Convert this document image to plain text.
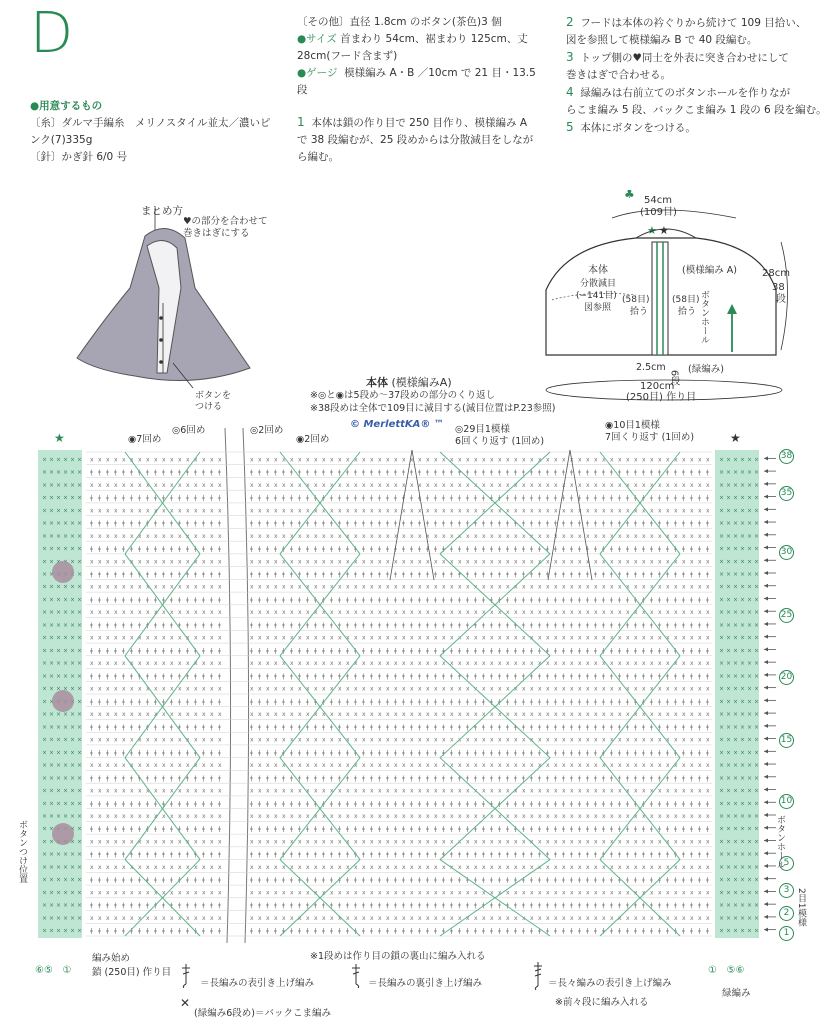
D
●用意するもの
〔糸〕ダルマ手編糸　メリノスタイル並太／濃いピ
ンク(7)335g
〔針〕かぎ針 6/0 号
〔その他〕直径 1.8cm のボタン(茶色)3 個
●サイズ 首まわり 54cm、裾まわり 125cm、丈
28cm(フード含まず)
●ゲージ 模様編み A・B ／10cm で 21 目・13.5
段
1 本体は鎖の作り目で 250 目作り、模様編み A
で 38 段編むが、25 段めからは分散減目をしなが
ら編む。
2 フードは本体の衿ぐりから続けて 109 目拾い、
図を参照して模様編み B で 40 段編む。
3 トップ側の♥同士を外表に突き合わせにして
巻きはぎで合わせる。
4 緑編みは右前立てのボタンホールを作りなが
らこま編み 5 段、バックこま編み 1 段の 6 段を編む。
5 本体にボタンをつける。
まとめ方
♥の部分を合わせて
巻きはぎにする
ボタンを
つける
♣ 54cm
(109目)
★ ★
本体
分散減目
(−141目)
図参照
(模様編み A)
(58目)
拾う
(58目)
拾う ボタンホール
28cm
38
段
2.5cm
6段
(緑編み)
120cm
(250目) 作り目
本体 (模様編みA)
※◎と◉は5段め〜37段めの部分のくり返し
※38段めは全体で109目に減目する(減目位置はP.23参照)
© MerlettKA® ™
◉7回め
◎6回め	◎2回め
◉2回め
◎29目1模様
6回くり返す (1回め)
◉10目1模様
7回くり返す (1回め)
★	★
ⅹ ⅹ ⅹ ⅹ ⅹ ⅹ ⅹ ⅹ ⅹ ⅹ ⅹ ⅹ ⅹ ⅹ ⅹ ⅹ ⅹ	ⅹ ⅹ ⅹ ⅹ ⅹ ⅹ ⅹ ⅹ ⅹ ⅹ ⅹ ⅹ ⅹ ⅹ ⅹ ⅹ ⅹ ⅹ ⅹ ⅹ ⅹ ⅹ ⅹ ⅹ ⅹ ⅹ ⅹ ⅹ ⅹ ⅹ ⅹ ⅹ ⅹ ⅹ ⅹ ⅹ ⅹ ⅹ ⅹ ⅹ ⅹ ⅹ ⅹ ⅹ ⅹ ⅹ ⅹ ⅹ ⅹ ⅹ ⅹ ⅹ ⅹ ⅹ ⅹ ⅹ ⅹ ⅹ
ǂ ǂ ǂ ǂ ǂ ǂ ǂ ǂ ǂ ǂ ǂ ǂ ǂ ǂ ǂ ǂ ǂ	ǂ ǂ ǂ ǂ ǂ ǂ ǂ ǂ ǂ ǂ ǂ ǂ ǂ ǂ ǂ ǂ ǂ ǂ ǂ ǂ ǂ ǂ ǂ ǂ ǂ ǂ ǂ ǂ ǂ ǂ ǂ ǂ ǂ ǂ ǂ ǂ ǂ ǂ ǂ ǂ ǂ ǂ ǂ ǂ ǂ ǂ ǂ ǂ ǂ ǂ ǂ ǂ ǂ ǂ ǂ ǂ ǂ ǂ
ⅹ ⅹ ⅹ ⅹ ⅹ ⅹ ⅹ ⅹ ⅹ ⅹ ⅹ ⅹ ⅹ ⅹ ⅹ ⅹ ⅹ	ⅹ ⅹ ⅹ ⅹ ⅹ ⅹ ⅹ ⅹ ⅹ ⅹ ⅹ ⅹ ⅹ ⅹ ⅹ ⅹ ⅹ ⅹ ⅹ ⅹ ⅹ ⅹ ⅹ ⅹ ⅹ ⅹ ⅹ ⅹ ⅹ ⅹ ⅹ ⅹ ⅹ ⅹ ⅹ ⅹ ⅹ ⅹ ⅹ ⅹ ⅹ ⅹ ⅹ ⅹ ⅹ ⅹ ⅹ ⅹ ⅹ ⅹ ⅹ ⅹ ⅹ ⅹ ⅹ ⅹ ⅹ
ǂ ǂ ǂ ǂ ǂ ǂ ǂ ǂ ǂ ǂ ǂ ǂ ǂ ǂ ǂ ǂ ǂ	ǂ ǂ ǂ ǂ ǂ ǂ ǂ ǂ ǂ ǂ ǂ ǂ ǂ ǂ ǂ ǂ ǂ ǂ ǂ ǂ ǂ ǂ ǂ ǂ ǂ ǂ ǂ ǂ ǂ ǂ ǂ ǂ ǂ ǂ ǂ ǂ ǂ ǂ ǂ ǂ ǂ ǂ ǂ ǂ ǂ ǂ ǂ ǂ ǂ ǂ ǂ ǂ ǂ ǂ ǂ ǂ
ⅹ ⅹ ⅹ ⅹ ⅹ ⅹ ⅹ ⅹ ⅹ ⅹ ⅹ ⅹ ⅹ ⅹ ⅹ ⅹ ⅹ	ⅹ ⅹ ⅹ ⅹ ⅹ ⅹ ⅹ ⅹ ⅹ ⅹ ⅹ ⅹ ⅹ ⅹ ⅹ ⅹ ⅹ ⅹ ⅹ ⅹ ⅹ ⅹ ⅹ ⅹ ⅹ ⅹ ⅹ ⅹ ⅹ ⅹ ⅹ ⅹ ⅹ ⅹ ⅹ ⅹ ⅹ ⅹ ⅹ ⅹ ⅹ ⅹ ⅹ ⅹ ⅹ ⅹ ⅹ ⅹ ⅹ ⅹ ⅹ ⅹ ⅹ ⅹ ⅹ ⅹ ⅹ ⅹ
ǂ ǂ ǂ ǂ ǂ ǂ ǂ ǂ ǂ ǂ ǂ ǂ ǂ ǂ ǂ ǂ	ǂ ǂ ǂ ǂ ǂ ǂ ǂ ǂ ǂ ǂ ǂ ǂ ǂ ǂ ǂ ǂ ǂ ǂ ǂ ǂ ǂ ǂ ǂ ǂ ǂ ǂ ǂ ǂ ǂ ǂ ǂ ǂ ǂ ǂ ǂ ǂ ǂ ǂ ǂ ǂ ǂ ǂ ǂ ǂ ǂ ǂ ǂ ǂ ǂ ǂ ǂ ǂ ǂ ǂ ǂ ǂ ǂ ǂ
ⅹ ⅹ ⅹ ⅹ ⅹ ⅹ ⅹ ⅹ ⅹ ⅹ ⅹ ⅹ ⅹ ⅹ ⅹ ⅹ ⅹ	ⅹ ⅹ ⅹ ⅹ ⅹ ⅹ ⅹ ⅹ ⅹ ⅹ ⅹ ⅹ ⅹ ⅹ ⅹ ⅹ ⅹ ⅹ ⅹ ⅹ ⅹ ⅹ ⅹ ⅹ ⅹ ⅹ ⅹ ⅹ ⅹ ⅹ ⅹ ⅹ ⅹ ⅹ ⅹ ⅹ ⅹ ⅹ ⅹ ⅹ ⅹ ⅹ ⅹ ⅹ ⅹ ⅹ ⅹ ⅹ ⅹ ⅹ ⅹ ⅹ ⅹ ⅹ ⅹ ⅹ ⅹ ⅹ
ǂ ǂ ǂ ǂ ǂ ǂ ǂ ǂ ǂ ǂ ǂ ǂ ǂ ǂ ǂ ǂ ǂ	ǂ ǂ ǂ ǂ ǂ ǂ ǂ ǂ ǂ ǂ ǂ ǂ ǂ ǂ ǂ ǂ ǂ ǂ ǂ ǂ ǂ ǂ ǂ ǂ ǂ ǂ ǂ ǂ ǂ ǂ ǂ ǂ ǂ ǂ ǂ ǂ ǂ ǂ ǂ ǂ ǂ ǂ ǂ ǂ ǂ ǂ ǂ ǂ ǂ ǂ ǂ ǂ ǂ ǂ ǂ ǂ
ⅹ ⅹ ⅹ ⅹ ⅹ ⅹ ⅹ ⅹ ⅹ ⅹ ⅹ ⅹ ⅹ ⅹ ⅹ ⅹ ⅹ	ⅹ ⅹ ⅹ ⅹ ⅹ ⅹ ⅹ ⅹ ⅹ ⅹ ⅹ ⅹ ⅹ ⅹ ⅹ ⅹ ⅹ ⅹ ⅹ ⅹ ⅹ ⅹ ⅹ ⅹ ⅹ ⅹ ⅹ ⅹ ⅹ ⅹ ⅹ ⅹ ⅹ ⅹ ⅹ ⅹ ⅹ ⅹ ⅹ ⅹ ⅹ ⅹ ⅹ ⅹ ⅹ ⅹ ⅹ ⅹ ⅹ ⅹ ⅹ ⅹ ⅹ ⅹ ⅹ ⅹ ⅹ ⅹ
ǂ ǂ ǂ ǂ ǂ ǂ ǂ ǂ ǂ ǂ ǂ ǂ ǂ ǂ ǂ ǂ ǂ	ǂ ǂ ǂ ǂ ǂ ǂ ǂ ǂ ǂ ǂ ǂ ǂ ǂ ǂ ǂ ǂ ǂ ǂ ǂ ǂ ǂ ǂ ǂ ǂ ǂ ǂ ǂ ǂ ǂ ǂ ǂ ǂ ǂ ǂ ǂ ǂ ǂ ǂ ǂ ǂ ǂ ǂ ǂ ǂ ǂ ǂ ǂ ǂ ǂ ǂ ǂ ǂ ǂ ǂ ǂ ǂ ǂ ǂ
ⅹ ⅹ ⅹ ⅹ ⅹ ⅹ ⅹ ⅹ ⅹ ⅹ ⅹ ⅹ ⅹ ⅹ ⅹ ⅹ ⅹ	ⅹ ⅹ ⅹ ⅹ ⅹ ⅹ ⅹ ⅹ ⅹ ⅹ ⅹ ⅹ ⅹ ⅹ ⅹ ⅹ ⅹ ⅹ ⅹ ⅹ ⅹ ⅹ ⅹ ⅹ ⅹ ⅹ ⅹ ⅹ ⅹ ⅹ ⅹ ⅹ ⅹ ⅹ ⅹ ⅹ ⅹ ⅹ ⅹ ⅹ ⅹ ⅹ ⅹ ⅹ ⅹ ⅹ ⅹ ⅹ ⅹ ⅹ ⅹ ⅹ ⅹ ⅹ ⅹ ⅹ ⅹ
ǂ ǂ ǂ ǂ ǂ ǂ ǂ ǂ ǂ ǂ ǂ ǂ ǂ ǂ ǂ ǂ ǂ	ǂ ǂ ǂ ǂ ǂ ǂ ǂ ǂ ǂ ǂ ǂ ǂ ǂ ǂ ǂ ǂ ǂ ǂ ǂ ǂ ǂ ǂ ǂ ǂ ǂ ǂ ǂ ǂ ǂ ǂ ǂ ǂ ǂ ǂ ǂ ǂ ǂ ǂ ǂ ǂ ǂ ǂ ǂ ǂ ǂ ǂ ǂ ǂ ǂ ǂ ǂ ǂ ǂ ǂ ǂ ǂ
ⅹ ⅹ ⅹ ⅹ ⅹ ⅹ ⅹ ⅹ ⅹ ⅹ ⅹ ⅹ ⅹ ⅹ ⅹ ⅹ ⅹ	ⅹ ⅹ ⅹ ⅹ ⅹ ⅹ ⅹ ⅹ ⅹ ⅹ ⅹ ⅹ ⅹ ⅹ ⅹ ⅹ ⅹ ⅹ ⅹ ⅹ ⅹ ⅹ ⅹ ⅹ ⅹ ⅹ ⅹ ⅹ ⅹ ⅹ ⅹ ⅹ ⅹ ⅹ ⅹ ⅹ ⅹ ⅹ ⅹ ⅹ ⅹ ⅹ ⅹ ⅹ ⅹ ⅹ ⅹ ⅹ ⅹ ⅹ ⅹ ⅹ ⅹ ⅹ ⅹ ⅹ ⅹ ⅹ
ǂ ǂ ǂ ǂ ǂ ǂ ǂ ǂ ǂ ǂ ǂ ǂ ǂ ǂ ǂ ǂ	ǂ ǂ ǂ ǂ ǂ ǂ ǂ ǂ ǂ ǂ ǂ ǂ ǂ ǂ ǂ ǂ ǂ ǂ ǂ ǂ ǂ ǂ ǂ ǂ ǂ ǂ ǂ ǂ ǂ ǂ ǂ ǂ ǂ ǂ ǂ ǂ ǂ ǂ ǂ ǂ ǂ ǂ ǂ ǂ ǂ ǂ ǂ ǂ ǂ ǂ ǂ ǂ ǂ ǂ ǂ ǂ ǂ ǂ
ⅹ ⅹ ⅹ ⅹ ⅹ ⅹ ⅹ ⅹ ⅹ ⅹ ⅹ ⅹ ⅹ ⅹ ⅹ ⅹ ⅹ	ⅹ ⅹ ⅹ ⅹ ⅹ ⅹ ⅹ ⅹ ⅹ ⅹ ⅹ ⅹ ⅹ ⅹ ⅹ ⅹ ⅹ ⅹ ⅹ ⅹ ⅹ ⅹ ⅹ ⅹ ⅹ ⅹ ⅹ ⅹ ⅹ ⅹ ⅹ ⅹ ⅹ ⅹ ⅹ ⅹ ⅹ ⅹ ⅹ ⅹ ⅹ ⅹ ⅹ ⅹ ⅹ ⅹ ⅹ ⅹ ⅹ ⅹ ⅹ ⅹ ⅹ ⅹ ⅹ ⅹ ⅹ ⅹ
ǂ ǂ ǂ ǂ ǂ ǂ ǂ ǂ ǂ ǂ ǂ ǂ ǂ ǂ ǂ ǂ ǂ	ǂ ǂ ǂ ǂ ǂ ǂ ǂ ǂ ǂ ǂ ǂ ǂ ǂ ǂ ǂ ǂ ǂ ǂ ǂ ǂ ǂ ǂ ǂ ǂ ǂ ǂ ǂ ǂ ǂ ǂ ǂ ǂ ǂ ǂ ǂ ǂ ǂ ǂ ǂ ǂ ǂ ǂ ǂ ǂ ǂ ǂ ǂ ǂ ǂ ǂ ǂ ǂ ǂ ǂ ǂ ǂ
ⅹ ⅹ ⅹ ⅹ ⅹ ⅹ ⅹ ⅹ ⅹ ⅹ ⅹ ⅹ ⅹ ⅹ ⅹ ⅹ ⅹ	ⅹ ⅹ ⅹ ⅹ ⅹ ⅹ ⅹ ⅹ ⅹ ⅹ ⅹ ⅹ ⅹ ⅹ ⅹ ⅹ ⅹ ⅹ ⅹ ⅹ ⅹ ⅹ ⅹ ⅹ ⅹ ⅹ ⅹ ⅹ ⅹ ⅹ ⅹ ⅹ ⅹ ⅹ ⅹ ⅹ ⅹ ⅹ ⅹ ⅹ ⅹ ⅹ ⅹ ⅹ ⅹ ⅹ ⅹ ⅹ ⅹ ⅹ ⅹ ⅹ ⅹ ⅹ ⅹ ⅹ ⅹ ⅹ
ǂ ǂ ǂ ǂ ǂ ǂ ǂ ǂ ǂ ǂ ǂ ǂ ǂ ǂ ǂ ǂ ǂ	ǂ ǂ ǂ ǂ ǂ ǂ ǂ ǂ ǂ ǂ ǂ ǂ ǂ ǂ ǂ ǂ ǂ ǂ ǂ ǂ ǂ ǂ ǂ ǂ ǂ ǂ ǂ ǂ ǂ ǂ ǂ ǂ ǂ ǂ ǂ ǂ ǂ ǂ ǂ ǂ ǂ ǂ ǂ ǂ ǂ ǂ ǂ ǂ ǂ ǂ ǂ ǂ ǂ ǂ ǂ ǂ ǂ ǂ
ⅹ ⅹ ⅹ ⅹ ⅹ ⅹ ⅹ ⅹ ⅹ ⅹ ⅹ ⅹ ⅹ ⅹ ⅹ ⅹ ⅹ	ⅹ ⅹ ⅹ ⅹ ⅹ ⅹ ⅹ ⅹ ⅹ ⅹ ⅹ ⅹ ⅹ ⅹ ⅹ ⅹ ⅹ ⅹ ⅹ ⅹ ⅹ ⅹ ⅹ ⅹ ⅹ ⅹ ⅹ ⅹ ⅹ ⅹ ⅹ ⅹ ⅹ ⅹ ⅹ ⅹ ⅹ ⅹ ⅹ ⅹ ⅹ ⅹ ⅹ ⅹ ⅹ ⅹ ⅹ ⅹ ⅹ ⅹ ⅹ ⅹ ⅹ ⅹ ⅹ ⅹ ⅹ
ǂ ǂ ǂ ǂ ǂ ǂ ǂ ǂ ǂ ǂ ǂ ǂ ǂ ǂ ǂ ǂ ǂ	ǂ ǂ ǂ ǂ ǂ ǂ ǂ ǂ ǂ ǂ ǂ ǂ ǂ ǂ ǂ ǂ ǂ ǂ ǂ ǂ ǂ ǂ ǂ ǂ ǂ ǂ ǂ ǂ ǂ ǂ ǂ ǂ ǂ ǂ ǂ ǂ ǂ ǂ ǂ ǂ ǂ ǂ ǂ ǂ ǂ ǂ ǂ ǂ ǂ ǂ ǂ ǂ ǂ ǂ ǂ ǂ
ⅹ ⅹ ⅹ ⅹ ⅹ ⅹ ⅹ ⅹ ⅹ ⅹ ⅹ ⅹ ⅹ ⅹ ⅹ ⅹ ⅹ	ⅹ ⅹ ⅹ ⅹ ⅹ ⅹ ⅹ ⅹ ⅹ ⅹ ⅹ ⅹ ⅹ ⅹ ⅹ ⅹ ⅹ ⅹ ⅹ ⅹ ⅹ ⅹ ⅹ ⅹ ⅹ ⅹ ⅹ ⅹ ⅹ ⅹ ⅹ ⅹ ⅹ ⅹ ⅹ ⅹ ⅹ ⅹ ⅹ ⅹ ⅹ ⅹ ⅹ ⅹ ⅹ ⅹ ⅹ ⅹ ⅹ ⅹ ⅹ ⅹ ⅹ ⅹ ⅹ ⅹ ⅹ ⅹ
ǂ ǂ ǂ ǂ ǂ ǂ ǂ ǂ ǂ ǂ ǂ ǂ ǂ ǂ ǂ ǂ	ǂ ǂ ǂ ǂ ǂ ǂ ǂ ǂ ǂ ǂ ǂ ǂ ǂ ǂ ǂ ǂ ǂ ǂ ǂ ǂ ǂ ǂ ǂ ǂ ǂ ǂ ǂ ǂ ǂ ǂ ǂ ǂ ǂ ǂ ǂ ǂ ǂ ǂ ǂ ǂ ǂ ǂ ǂ ǂ ǂ ǂ ǂ ǂ ǂ ǂ ǂ ǂ ǂ ǂ ǂ ǂ ǂ ǂ
ⅹ ⅹ ⅹ ⅹ ⅹ ⅹ ⅹ ⅹ ⅹ ⅹ ⅹ ⅹ ⅹ ⅹ ⅹ ⅹ ⅹ	ⅹ ⅹ ⅹ ⅹ ⅹ ⅹ ⅹ ⅹ ⅹ ⅹ ⅹ ⅹ ⅹ ⅹ ⅹ ⅹ ⅹ ⅹ ⅹ ⅹ ⅹ ⅹ ⅹ ⅹ ⅹ ⅹ ⅹ ⅹ ⅹ ⅹ ⅹ ⅹ ⅹ ⅹ ⅹ ⅹ ⅹ ⅹ ⅹ ⅹ ⅹ ⅹ ⅹ ⅹ ⅹ ⅹ ⅹ ⅹ ⅹ ⅹ ⅹ ⅹ ⅹ ⅹ ⅹ ⅹ ⅹ ⅹ
ǂ ǂ ǂ ǂ ǂ ǂ ǂ ǂ ǂ ǂ ǂ ǂ ǂ ǂ ǂ ǂ ǂ	ǂ ǂ ǂ ǂ ǂ ǂ ǂ ǂ ǂ ǂ ǂ ǂ ǂ ǂ ǂ ǂ ǂ ǂ ǂ ǂ ǂ ǂ ǂ ǂ ǂ ǂ ǂ ǂ ǂ ǂ ǂ ǂ ǂ ǂ ǂ ǂ ǂ ǂ ǂ ǂ ǂ ǂ ǂ ǂ ǂ ǂ ǂ ǂ ǂ ǂ ǂ ǂ ǂ ǂ ǂ ǂ
ⅹ ⅹ ⅹ ⅹ ⅹ ⅹ ⅹ ⅹ ⅹ ⅹ ⅹ ⅹ ⅹ ⅹ ⅹ ⅹ ⅹ	ⅹ ⅹ ⅹ ⅹ ⅹ ⅹ ⅹ ⅹ ⅹ ⅹ ⅹ ⅹ ⅹ ⅹ ⅹ ⅹ ⅹ ⅹ ⅹ ⅹ ⅹ ⅹ ⅹ ⅹ ⅹ ⅹ ⅹ ⅹ ⅹ ⅹ ⅹ ⅹ ⅹ ⅹ ⅹ ⅹ ⅹ ⅹ ⅹ ⅹ ⅹ ⅹ ⅹ ⅹ ⅹ ⅹ ⅹ ⅹ ⅹ ⅹ ⅹ ⅹ ⅹ ⅹ ⅹ ⅹ ⅹ ⅹ
ǂ ǂ ǂ ǂ ǂ ǂ ǂ ǂ ǂ ǂ ǂ ǂ ǂ ǂ ǂ ǂ ǂ	ǂ ǂ ǂ ǂ ǂ ǂ ǂ ǂ ǂ ǂ ǂ ǂ ǂ ǂ ǂ ǂ ǂ ǂ ǂ ǂ ǂ ǂ ǂ ǂ ǂ ǂ ǂ ǂ ǂ ǂ ǂ ǂ ǂ ǂ ǂ ǂ ǂ ǂ ǂ ǂ ǂ ǂ ǂ ǂ ǂ ǂ ǂ ǂ ǂ ǂ ǂ ǂ ǂ ǂ ǂ ǂ ǂ ǂ
ⅹ ⅹ ⅹ ⅹ ⅹ ⅹ ⅹ ⅹ ⅹ ⅹ ⅹ ⅹ ⅹ ⅹ ⅹ ⅹ ⅹ	ⅹ ⅹ ⅹ ⅹ ⅹ ⅹ ⅹ ⅹ ⅹ ⅹ ⅹ ⅹ ⅹ ⅹ ⅹ ⅹ ⅹ ⅹ ⅹ ⅹ ⅹ ⅹ ⅹ ⅹ ⅹ ⅹ ⅹ ⅹ ⅹ ⅹ ⅹ ⅹ ⅹ ⅹ ⅹ ⅹ ⅹ ⅹ ⅹ ⅹ ⅹ ⅹ ⅹ ⅹ ⅹ ⅹ ⅹ ⅹ ⅹ ⅹ ⅹ ⅹ ⅹ ⅹ ⅹ ⅹ ⅹ
ǂ ǂ ǂ ǂ ǂ ǂ ǂ ǂ ǂ ǂ ǂ ǂ ǂ ǂ ǂ ǂ ǂ	ǂ ǂ ǂ ǂ ǂ ǂ ǂ ǂ ǂ ǂ ǂ ǂ ǂ ǂ ǂ ǂ ǂ ǂ ǂ ǂ ǂ ǂ ǂ ǂ ǂ ǂ ǂ ǂ ǂ ǂ ǂ ǂ ǂ ǂ ǂ ǂ ǂ ǂ ǂ ǂ ǂ ǂ ǂ ǂ ǂ ǂ ǂ ǂ ǂ ǂ ǂ ǂ ǂ ǂ ǂ ǂ
ⅹ ⅹ ⅹ ⅹ ⅹ ⅹ ⅹ ⅹ ⅹ ⅹ ⅹ ⅹ ⅹ ⅹ ⅹ ⅹ ⅹ	ⅹ ⅹ ⅹ ⅹ ⅹ ⅹ ⅹ ⅹ ⅹ ⅹ ⅹ ⅹ ⅹ ⅹ ⅹ ⅹ ⅹ ⅹ ⅹ ⅹ ⅹ ⅹ ⅹ ⅹ ⅹ ⅹ ⅹ ⅹ ⅹ ⅹ ⅹ ⅹ ⅹ ⅹ ⅹ ⅹ ⅹ ⅹ ⅹ ⅹ ⅹ ⅹ ⅹ ⅹ ⅹ ⅹ ⅹ ⅹ ⅹ ⅹ ⅹ ⅹ ⅹ ⅹ ⅹ ⅹ ⅹ ⅹ
ǂ ǂ ǂ ǂ ǂ ǂ ǂ ǂ ǂ ǂ ǂ ǂ ǂ ǂ ǂ ǂ	ǂ ǂ ǂ ǂ ǂ ǂ ǂ ǂ ǂ ǂ ǂ ǂ ǂ ǂ ǂ ǂ ǂ ǂ ǂ ǂ ǂ ǂ ǂ ǂ ǂ ǂ ǂ ǂ ǂ ǂ ǂ ǂ ǂ ǂ ǂ ǂ ǂ ǂ ǂ ǂ ǂ ǂ ǂ ǂ ǂ ǂ ǂ ǂ ǂ ǂ ǂ ǂ ǂ ǂ ǂ ǂ ǂ ǂ
ⅹ ⅹ ⅹ ⅹ ⅹ ⅹ ⅹ ⅹ ⅹ ⅹ ⅹ ⅹ ⅹ ⅹ ⅹ ⅹ ⅹ	ⅹ ⅹ ⅹ ⅹ ⅹ ⅹ ⅹ ⅹ ⅹ ⅹ ⅹ ⅹ ⅹ ⅹ ⅹ ⅹ ⅹ ⅹ ⅹ ⅹ ⅹ ⅹ ⅹ ⅹ ⅹ ⅹ ⅹ ⅹ ⅹ ⅹ ⅹ ⅹ ⅹ ⅹ ⅹ ⅹ ⅹ ⅹ ⅹ ⅹ ⅹ ⅹ ⅹ ⅹ ⅹ ⅹ ⅹ ⅹ ⅹ ⅹ ⅹ ⅹ ⅹ ⅹ ⅹ ⅹ ⅹ ⅹ
ǂ ǂ ǂ ǂ ǂ ǂ ǂ ǂ ǂ ǂ ǂ ǂ ǂ ǂ ǂ ǂ ǂ	ǂ ǂ ǂ ǂ ǂ ǂ ǂ ǂ ǂ ǂ ǂ ǂ ǂ ǂ ǂ ǂ ǂ ǂ ǂ ǂ ǂ ǂ ǂ ǂ ǂ ǂ ǂ ǂ ǂ ǂ ǂ ǂ ǂ ǂ ǂ ǂ ǂ ǂ ǂ ǂ ǂ ǂ ǂ ǂ ǂ ǂ ǂ ǂ ǂ ǂ ǂ ǂ ǂ ǂ ǂ ǂ
ⅹ ⅹ ⅹ ⅹ ⅹ ⅹ ⅹ ⅹ ⅹ ⅹ ⅹ ⅹ ⅹ ⅹ ⅹ ⅹ ⅹ	ⅹ ⅹ ⅹ ⅹ ⅹ ⅹ ⅹ ⅹ ⅹ ⅹ ⅹ ⅹ ⅹ ⅹ ⅹ ⅹ ⅹ ⅹ ⅹ ⅹ ⅹ ⅹ ⅹ ⅹ ⅹ ⅹ ⅹ ⅹ ⅹ ⅹ ⅹ ⅹ ⅹ ⅹ ⅹ ⅹ ⅹ ⅹ ⅹ ⅹ ⅹ ⅹ ⅹ ⅹ ⅹ ⅹ ⅹ ⅹ ⅹ ⅹ ⅹ ⅹ ⅹ ⅹ ⅹ ⅹ ⅹ
ǂ ǂ ǂ ǂ ǂ ǂ ǂ ǂ ǂ ǂ ǂ ǂ ǂ ǂ ǂ ǂ	ǂ ǂ ǂ ǂ ǂ ǂ ǂ ǂ ǂ ǂ ǂ ǂ ǂ ǂ ǂ ǂ ǂ ǂ ǂ ǂ ǂ ǂ ǂ ǂ ǂ ǂ ǂ ǂ ǂ ǂ ǂ ǂ ǂ ǂ ǂ ǂ ǂ ǂ ǂ ǂ ǂ ǂ ǂ ǂ ǂ ǂ ǂ ǂ ǂ ǂ ǂ ǂ ǂ ǂ ǂ ǂ ǂ ǂ
ⅹ ⅹ ⅹ ⅹ ⅹ ⅹ ⅹ ⅹ ⅹ ⅹ ⅹ ⅹ ⅹ ⅹ ⅹ ⅹ ⅹ	ⅹ ⅹ ⅹ ⅹ ⅹ ⅹ ⅹ ⅹ ⅹ ⅹ ⅹ ⅹ ⅹ ⅹ ⅹ ⅹ ⅹ ⅹ ⅹ ⅹ ⅹ ⅹ ⅹ ⅹ ⅹ ⅹ ⅹ ⅹ ⅹ ⅹ ⅹ ⅹ ⅹ ⅹ ⅹ ⅹ ⅹ ⅹ ⅹ ⅹ ⅹ ⅹ ⅹ ⅹ ⅹ ⅹ ⅹ ⅹ ⅹ ⅹ ⅹ ⅹ ⅹ ⅹ ⅹ ⅹ ⅹ ⅹ
ǂ ǂ ǂ ǂ ǂ ǂ ǂ ǂ ǂ ǂ ǂ ǂ ǂ ǂ ǂ ǂ	ǂ ǂ ǂ ǂ ǂ ǂ ǂ ǂ ǂ ǂ ǂ ǂ ǂ ǂ ǂ ǂ ǂ ǂ ǂ ǂ ǂ ǂ ǂ ǂ ǂ ǂ ǂ ǂ ǂ ǂ ǂ ǂ ǂ ǂ ǂ ǂ ǂ ǂ ǂ ǂ ǂ ǂ ǂ ǂ ǂ ǂ ǂ ǂ ǂ ǂ ǂ ǂ ǂ ǂ ǂ ǂ ǂ
ⅹ ⅹ ⅹ ⅹ ⅹ ⅹ ⅹ ⅹ ⅹ ⅹ ⅹ ⅹ ⅹ ⅹ ⅹ ⅹ ⅹ	ⅹ ⅹ ⅹ ⅹ ⅹ ⅹ ⅹ ⅹ ⅹ ⅹ ⅹ ⅹ ⅹ ⅹ ⅹ ⅹ ⅹ ⅹ ⅹ ⅹ ⅹ ⅹ ⅹ ⅹ ⅹ ⅹ ⅹ ⅹ ⅹ ⅹ ⅹ ⅹ ⅹ ⅹ ⅹ ⅹ ⅹ ⅹ ⅹ ⅹ ⅹ ⅹ ⅹ ⅹ ⅹ ⅹ ⅹ ⅹ ⅹ ⅹ ⅹ ⅹ ⅹ ⅹ ⅹ ⅹ ⅹ ⅹ
ǂ ǂ ǂ ǂ ǂ ǂ ǂ ǂ ǂ ǂ ǂ ǂ ǂ ǂ ǂ ǂ	ǂ ǂ ǂ ǂ ǂ ǂ ǂ ǂ ǂ ǂ ǂ ǂ ǂ ǂ ǂ ǂ ǂ ǂ ǂ ǂ ǂ ǂ ǂ ǂ ǂ ǂ ǂ ǂ ǂ ǂ ǂ ǂ ǂ ǂ ǂ ǂ ǂ ǂ ǂ ǂ ǂ ǂ ǂ ǂ ǂ ǂ ǂ ǂ ǂ ǂ ǂ ǂ ǂ ǂ ǂ ǂ
× × × × × ×	× × × × × ×
× × × × × ×	× × × × × ×
× × × × × ×	× × × × × ×
× × × × × ×	× × × × × ×
× × × × × ×	× × × × × ×
× × × × × ×	× × × × × ×
× × × × × ×	× × × × × ×
× × × × × ×	× × × × × ×
× × × × ×	× × × × × ×
× ×	×	× × × × × ×
× × × × × ×	× × × × × ×
× × × × × ×	× × × × × ×
× × × × × ×	× × × × × ×
× × × × × ×	× × × × × ×
× × × × × ×	× × × × × ×
× × × × × ×	× × × × × ×
× × × × × ×	× × × × × ×
× × × × × ×	× × × × × ×
× × × × × ×	× × × × × ×
× ×	×	× × × × × ×
× × × × × ×	× × × × × ×
× × × × × ×	× × × × × ×
× × × × × ×	× × × × × ×
× × × × × ×	× × × × × ×
× × × × × ×	× × × × × ×
× × × × × ×	× × × × × ×
× × × × × ×	× × × × × ×
× × × × × ×	× × × × × ×
× × × × × ×	× × × × × ×
× ×	×	× × × × × ×
× ×	× ×	× × × × × ×
× × × × × ×	× × × × × ×
× × × × × ×	× × × × × ×
× × × × × ×	× × × × × ×
× × × × × ×	× × × × × ×
× × × × × ×	× × × × × ×
× × × × × ×	× × × × × ×
× × × × × ×	× × × × × ×
38
35
30
25
20
15
10
5
3
2
1
ボタンつけ位置	ボタンホール
2目1模様
⑥⑤ ①
編み始め
鎖 (250目) 作り目
※1段めは作り目の鎖の裏山に編み入れる
① ⑤⑥
緑編み
＝長編みの表引き上げ編み	＝長編みの裏引き上げ編み	＝長々編みの表引き上げ編み
※前々段に編み入れる
✕
(緑編み6段め)＝バックこま編み
